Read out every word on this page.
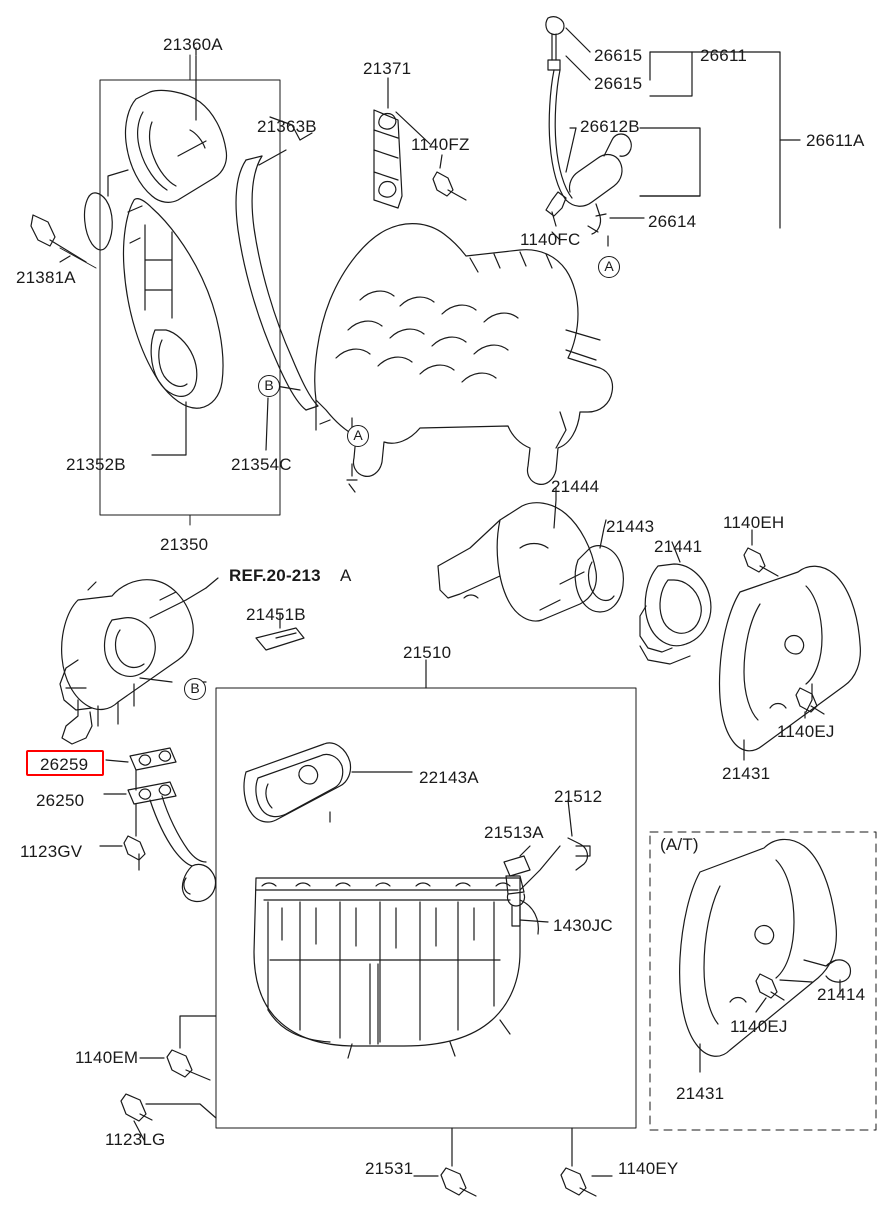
21360A
21371
26615	26611
26615
21363B
1140FZ
26612B
26611A
26614
1140FC
21381A
21352B	21354C
21350
21444
21443
21441
1140EH
REF.20-213 A
21451B
21510
1140EJ
21431
22143A
26259
26250
1123GV
21512
21513A
(A/T)
1430JC
21414
1140EJ
1140EM
21431
1123LG
21531	1140EY
A
B
A
B
